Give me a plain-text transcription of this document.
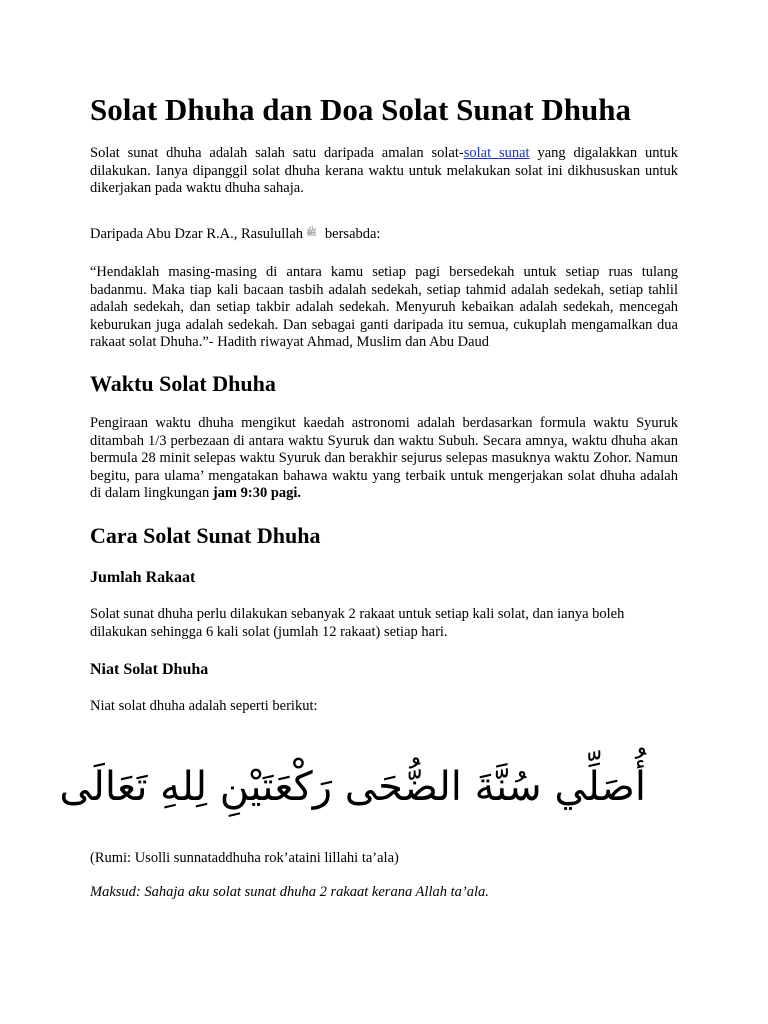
Solat Dhuha dan Doa Solat Sunat Dhuha

Solat sunat dhuha adalah salah satu daripada amalan solat-solat sunat yang digalakkan untuk dilakukan. Ianya dipanggil solat dhuha kerana waktu untuk melakukan solat ini dikhususkan untuk dikerjakan pada waktu dhuha sahaja.

Daripada Abu Dzar R.A., Rasulullah ﷺ bersabda:

“Hendaklah masing-masing di antara kamu setiap pagi bersedekah untuk setiap ruas tulang badanmu. Maka tiap kali bacaan tasbih adalah sedekah, setiap tahmid adalah sedekah, setiap tahlil adalah sedekah, dan setiap takbir adalah sedekah. Menyuruh kebaikan adalah sedekah, mencegah keburukan juga adalah sedekah. Dan sebagai ganti daripada itu semua, cukuplah mengamalkan dua rakaat solat Dhuha.”- Hadith riwayat Ahmad, Muslim dan Abu Daud

Waktu Solat Dhuha

Pengiraan waktu dhuha mengikut kaedah astronomi adalah berdasarkan formula waktu Syuruk ditambah 1/3 perbezaan di antara waktu Syuruk dan waktu Subuh. Secara amnya, waktu dhuha akan bermula 28 minit selepas waktu Syuruk dan berakhir sejurus selepas masuknya waktu Zohor. Namun begitu, para ulama’ mengatakan bahawa waktu yang terbaik untuk mengerjakan solat dhuha adalah di dalam lingkungan jam 9:30 pagi.

Cara Solat Sunat Dhuha
Jumlah Rakaat

Solat sunat dhuha perlu dilakukan sebanyak 2 rakaat untuk setiap kali solat, dan ianya boleh dilakukan sehingga 6 kali solat (jumlah 12 rakaat) setiap hari.

Niat Solat Dhuha

Niat solat dhuha adalah seperti berikut:

أُصَلِّي سُنَّةَ الضُّحَى رَكْعَتَيْنِ لِلهِ تَعَالَى

(Rumi: Usolli sunnataddhuha rok’ataini lillahi ta’ala)

Maksud: Sahaja aku solat sunat dhuha 2 rakaat kerana Allah ta’ala.
